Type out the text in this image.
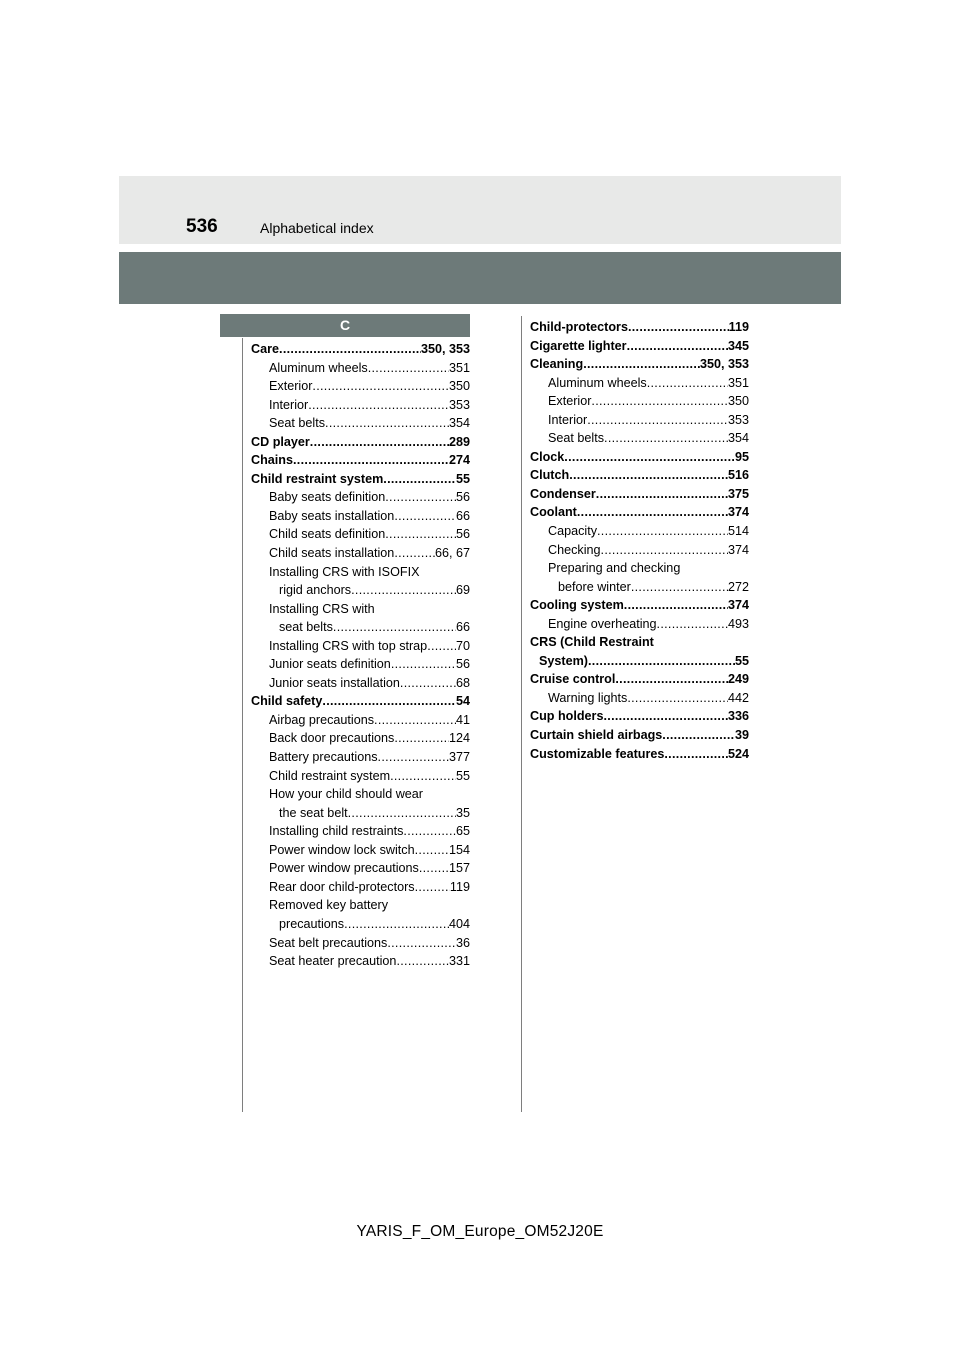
536	Alphabetical index
C
Care . . .	350, 353
Aluminum wheels . . .	351
Exterior . . .	350
Interior . . .	353
Seat belts . . .	354
CD player . . .	289
Chains . . .	274
Child restraint system . . .	55
Baby seats definition . . .	56
Baby seats installation . . .	66
Child seats definition . . .	56
Child seats installation . . .	66, 67
Installing CRS with ISOFIX
rigid anchors . . .	69
Installing CRS with
seat belts . . .	66
Installing CRS with top strap . . . 70
Junior seats definition . . .	56
Junior seats installation . . .	68
Child safety . . .	54
Airbag precautions . . .	41
Back door precautions . . .	124
Battery precautions . . .	377
Child restraint system . . .	55
How your child should wear
the seat belt . . .	35
Installing child restraints . . .	65
Power window lock switch . . .	154
Power window precautions . . . 157
Rear door child-protectors . . .	119
Removed key battery
precautions . . .	404
Seat belt precautions . . .	36
Seat heater precaution . . .	331
Child-protectors . . .	119
Cigarette lighter . . .	345
Cleaning . . .	350, 353
Aluminum wheels . . .	351
Exterior . . .	350
Interior . . .	353
Seat belts . . .	354
Clock . . .	95
Clutch . . .	516
Condenser . . .	375
Coolant . . .	374
Capacity . . .	514
Checking . . .	374
Preparing and checking
before winter . . .	272
Cooling system . . .	374
Engine overheating . . .	493
CRS (Child Restraint
System) . . .	55
Cruise control . . .	249
Warning lights . . .	442
Cup holders . . .	336
Curtain shield airbags . . .	39
Customizable features . . .	524
YARIS_F_OM_Europe_OM52J20E
